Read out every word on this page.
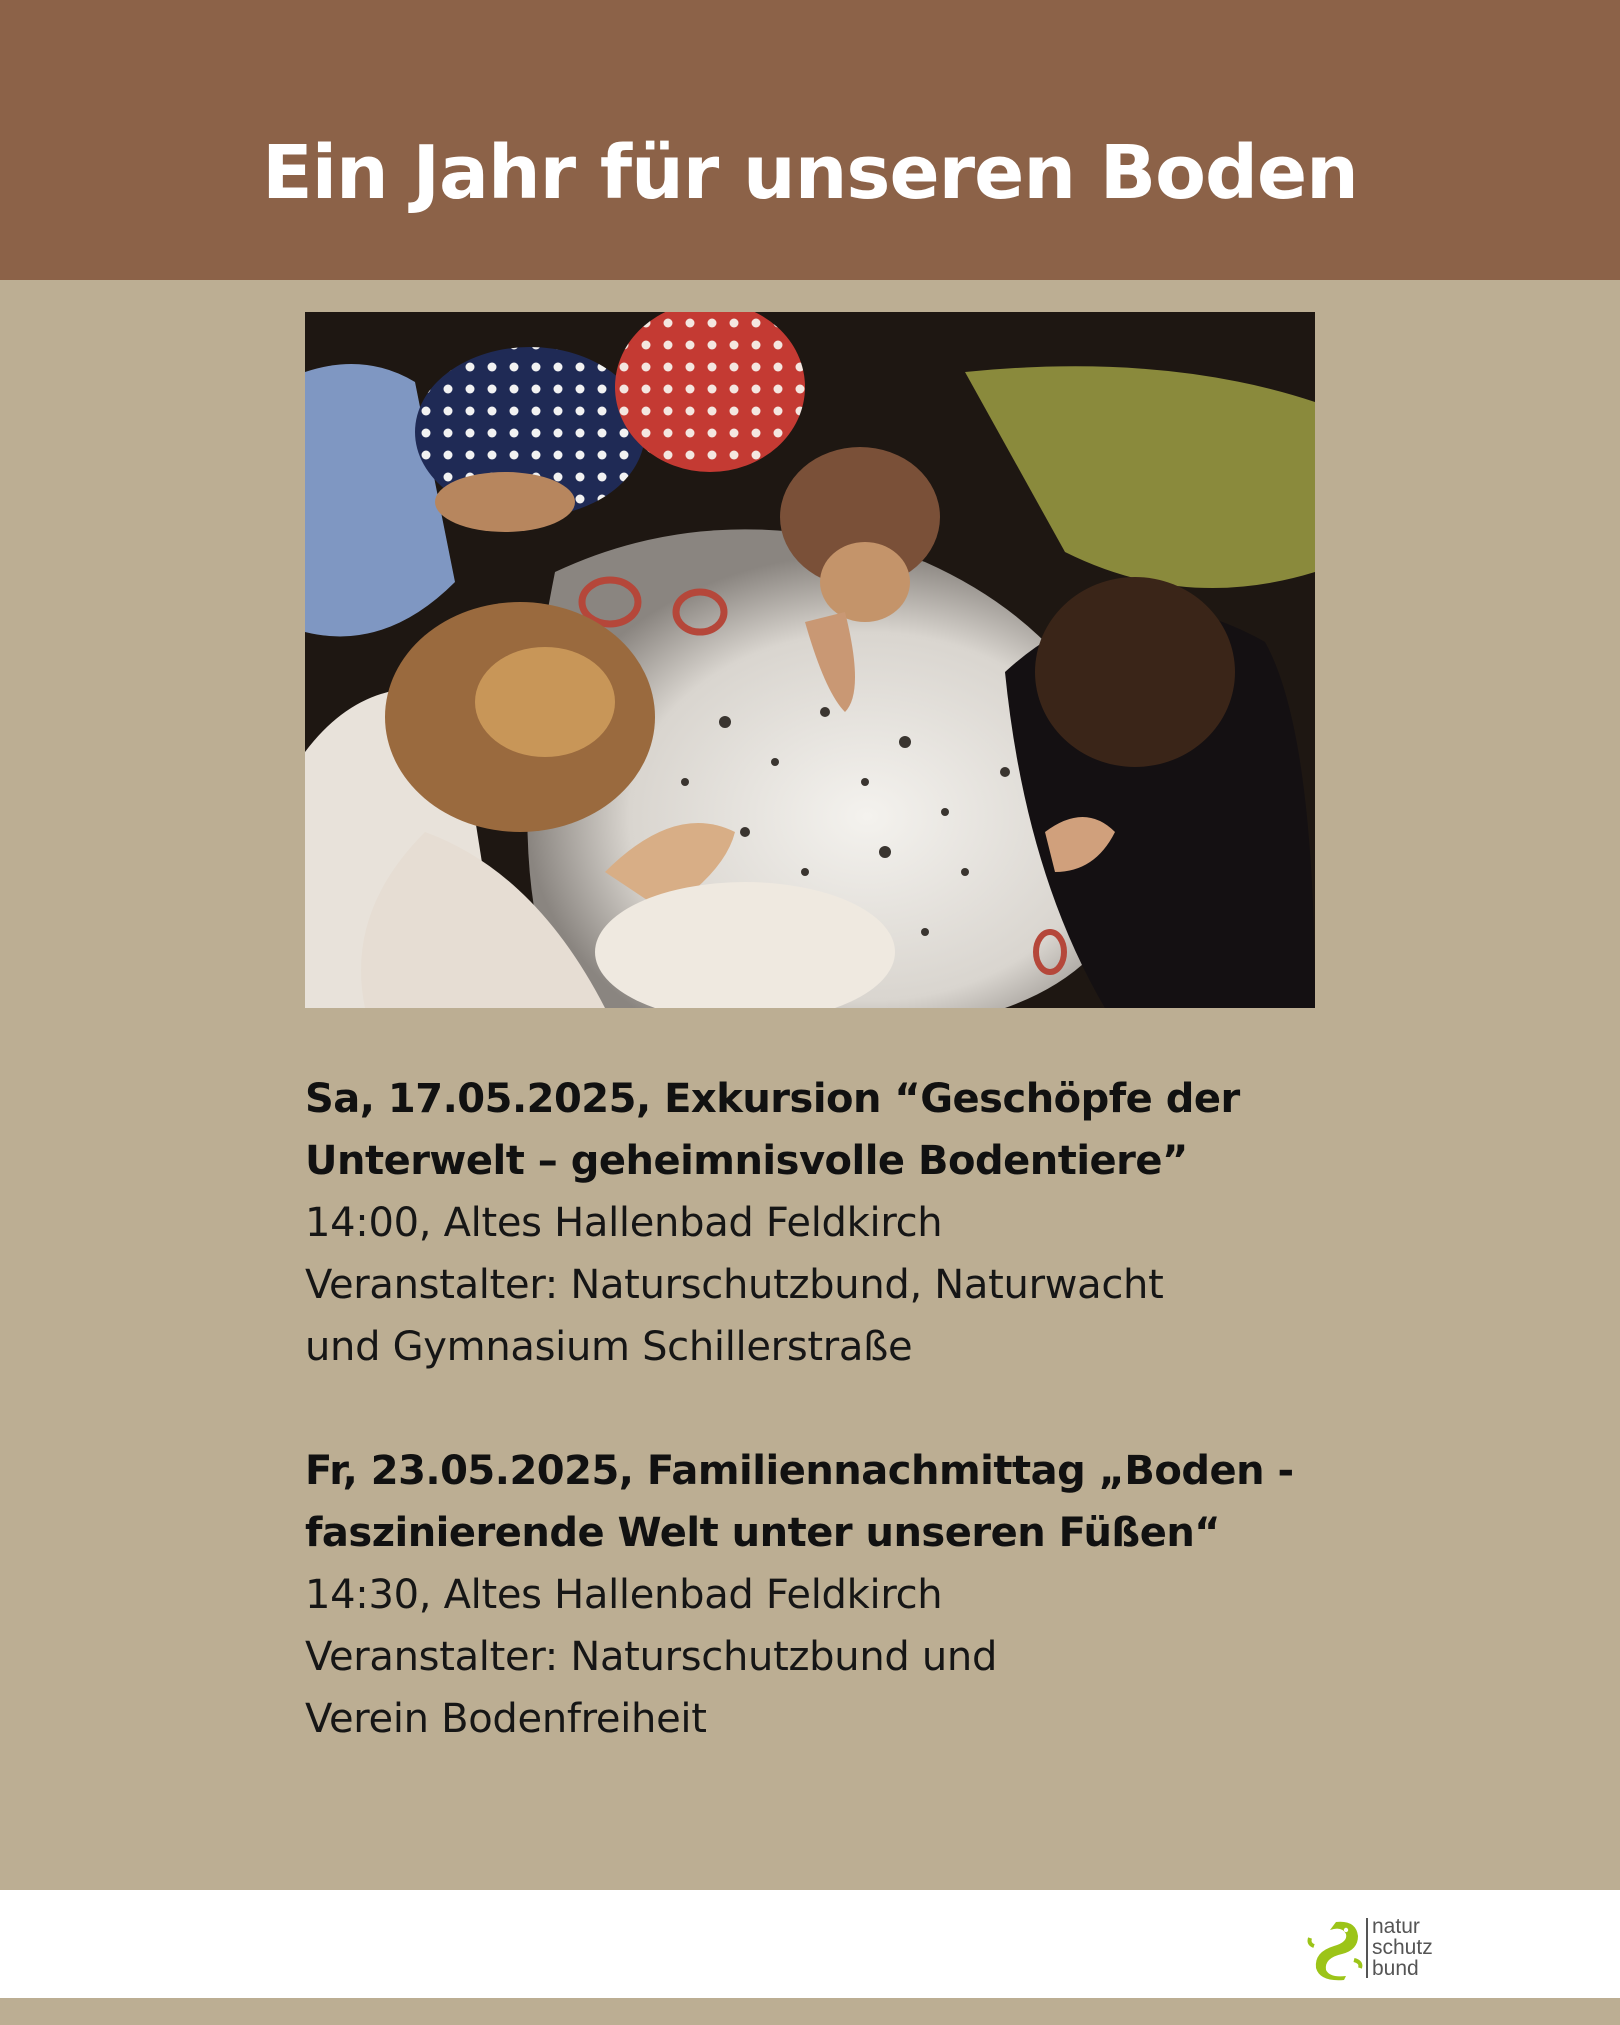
Ein Jahr für unseren Boden

Sa, 17.05.2025, Exkursion “Geschöpfe der

Unterwelt – geheimnisvolle Bodentiere”

14:00, Altes Hallenbad Feldkirch

Veranstalter: Naturschutzbund, Naturwacht

und Gymnasium Schillerstraße

Fr, 23.05.2025, Familiennachmittag „Boden -

faszinierende Welt unter unseren Füßen“

14:30, Altes Hallenbad Feldkirch

Veranstalter: Naturschutzbund und

Verein Bodenfreiheit

natur
schutz
bund
